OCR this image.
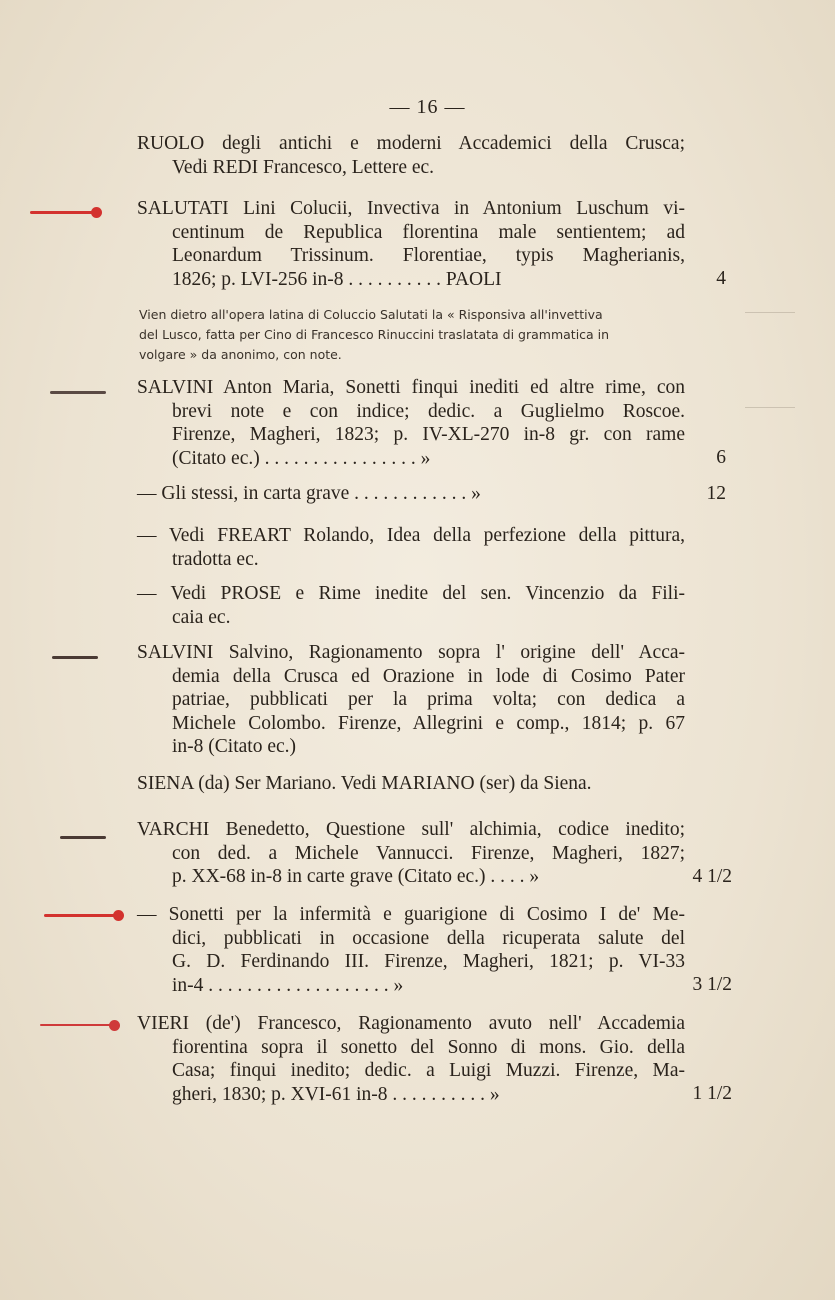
— 16 —
RUOLO degli antichi e moderni Accademici della Crusca;
Vedi REDI Francesco, Lettere ec.
SALUTATI Lini Colucii, Invectiva in Antonium Luschum vi-
centinum de Republica florentina male sentientem; ad
Leonardum Trissinum. Florentiae, typis Magherianis,
1826; p. LVI-256 in-8 . . . . . . . . . . PAOLI	4
Vien dietro all'opera latina di Coluccio Salutati la « Risponsiva all'invettiva
del Lusco, fatta per Cino di Francesco Rinuccini traslatata di grammatica in
volgare » da anonimo, con note.
SALVINI Anton Maria, Sonetti finqui inediti ed altre rime, con
brevi note e con indice; dedic. a Guglielmo Roscoe.
Firenze, Magheri, 1823; p. IV-XL-270 in-8 gr. con rame
(Citato ec.) . . . . . . . . . . . . . . . . »	6
— Gli stessi, in carta grave . . . . . . . . . . . . »	12
— Vedi FREART Rolando, Idea della perfezione della pittura,
tradotta ec.
— Vedi PROSE e Rime inedite del sen. Vincenzio da Fili-
caia ec.
SALVINI Salvino, Ragionamento sopra l' origine dell' Acca-
demia della Crusca ed Orazione in lode di Cosimo Pater
patriae, pubblicati per la prima volta; con dedica a
Michele Colombo. Firenze, Allegrini e comp., 1814; p. 67
in-8 (Citato ec.)
SIENA (da) Ser Mariano. Vedi MARIANO (ser) da Siena.
VARCHI Benedetto, Questione sull' alchimia, codice inedito;
con ded. a Michele Vannucci. Firenze, Magheri, 1827;
p. XX-68 in-8 in carte grave (Citato ec.) . . . . »	4 1/2
— Sonetti per la infermità e guarigione di Cosimo I de' Me-
dici, pubblicati in occasione della ricuperata salute del
G. D. Ferdinando III. Firenze, Magheri, 1821; p. VI-33
in-4 . . . . . . . . . . . . . . . . . . . »	3 1/2
VIERI (de') Francesco, Ragionamento avuto nell' Accademia
fiorentina sopra il sonetto del Sonno di mons. Gio. della
Casa; finqui inedito; dedic. a Luigi Muzzi. Firenze, Ma-
gheri, 1830; p. XVI-61 in-8 . . . . . . . . . . »	1 1/2
